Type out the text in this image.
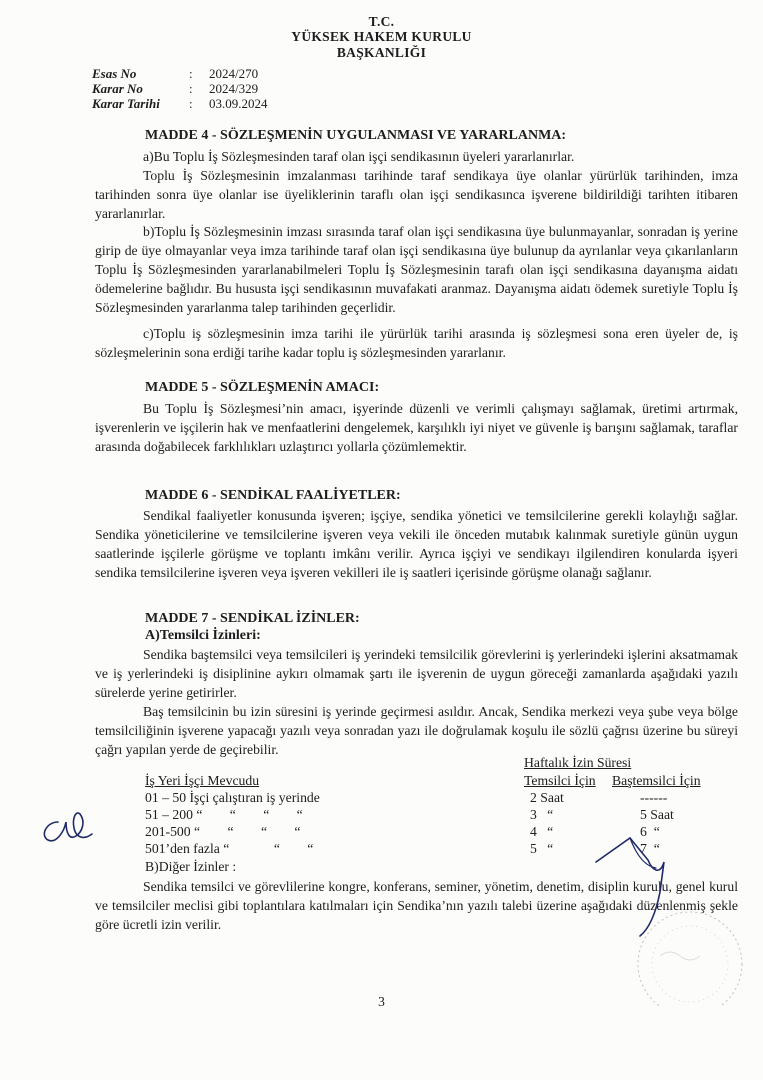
T.C.
YÜKSEK HAKEM KURULU
BAŞKANLIĞI
Esas No	: 2024/270
Karar No	: 2024/329
Karar Tarihi : 03.09.2024
MADDE 4 - SÖZLEŞMENİN UYGULANMASI VE YARARLANMA:
a)Bu Toplu İş Sözleşmesinden taraf olan işçi sendikasının üyeleri yararlanırlar.
Toplu İş Sözleşmesinin imzalanması tarihinde taraf sendikaya üye olanlar yürürlük tarihinden, imza tarihinden sonra üye olanlar ise üyeliklerinin taraflı olan işçi sendikasınca işverene bildirildiği tarihten itibaren yararlanırlar.
b)Toplu İş Sözleşmesinin imzası sırasında taraf olan işçi sendikasına üye bulunmayanlar, sonradan iş yerine girip de üye olmayanlar veya imza tarihinde taraf olan işçi sendikasına üye bulunup da ayrılanlar veya çıkarılanların Toplu İş Sözleşmesinden yararlanabilmeleri Toplu İş Sözleşmesinin tarafı olan işçi sendikasına dayanışma aidatı ödemelerine bağlıdır. Bu hususta işçi sendikasının muvafakati aranmaz. Dayanışma aidatı ödemek suretiyle Toplu İş Sözleşmesinden yararlanma talep tarihinden geçerlidir.
c)Toplu iş sözleşmesinin imza tarihi ile yürürlük tarihi arasında iş sözleşmesi sona eren üyeler de, iş sözleşmelerinin sona erdiği tarihe kadar toplu iş sözleşmesinden yararlanır.
MADDE 5 - SÖZLEŞMENİN AMACI:
Bu Toplu İş Sözleşmesi’nin amacı, işyerinde düzenli ve verimli çalışmayı sağlamak, üretimi artırmak, işverenlerin ve işçilerin hak ve menfaatlerini dengelemek, karşılıklı iyi niyet ve güvenle iş barışını sağlamak, taraflar arasında doğabilecek farklılıkları uzlaştırıcı yollarla çözümlemektir.
MADDE 6 - SENDİKAL FAALİYETLER:
Sendikal faaliyetler konusunda işveren; işçiye, sendika yönetici ve temsilcilerine gerekli kolaylığı sağlar. Sendika yöneticilerine ve temsilcilerine işveren veya vekili ile önceden mutabık kalınmak suretiyle günün uygun saatlerinde işçilerle görüşme ve toplantı imkânı verilir. Ayrıca işçiyi ve sendikayı ilgilendiren konularda işyeri sendika temsilcilerine işveren veya işveren vekilleri ile iş saatleri içerisinde görüşme olanağı sağlanır.
MADDE 7 - SENDİKAL İZİNLER:
A)Temsilci İzinleri:
Sendika baştemsilci veya temsilcileri iş yerindeki temsilcilik görevlerini iş yerlerindeki işlerini aksatmamak ve iş yerlerindeki iş disiplinine aykırı olmamak şartı ile işverenin de uygun göreceği zamanlarda aşağıdaki yazılı sürelerde yerine getirirler.
Baş temsilcinin bu izin süresini iş yerinde geçirmesi asıldır. Ancak, Sendika merkezi veya şube veya bölge temsilciliğinin işverene yapacağı yazılı veya sonradan yazı ile doğrulamak koşulu ile sözlü çağrısı üzerine bu süreyi çağrı yapılan yerde de geçirebilir.
Haftalık İzin Süresi
İş Yeri İşçi Mevcudu	Temsilci İçin Baştemsilci İçin
01 – 50 İşçi çalıştıran iş yerinde	2 Saat	------
51 – 200 “        “        “        “	3   “	5 Saat
201-500 “        “        “        “	4   “	6  “
501’den fazla “             “        “	5   “	7  “
B)Diğer İzinler :
Sendika temsilci ve görevlilerine kongre, konferans, seminer, yönetim, denetim, disiplin kurulu, genel kurul ve temsilciler meclisi gibi toplantılara katılmaları için Sendika’nın yazılı talebi üzerine aşağıdaki düzenlenmiş şekle göre ücretli izin verilir.
3
